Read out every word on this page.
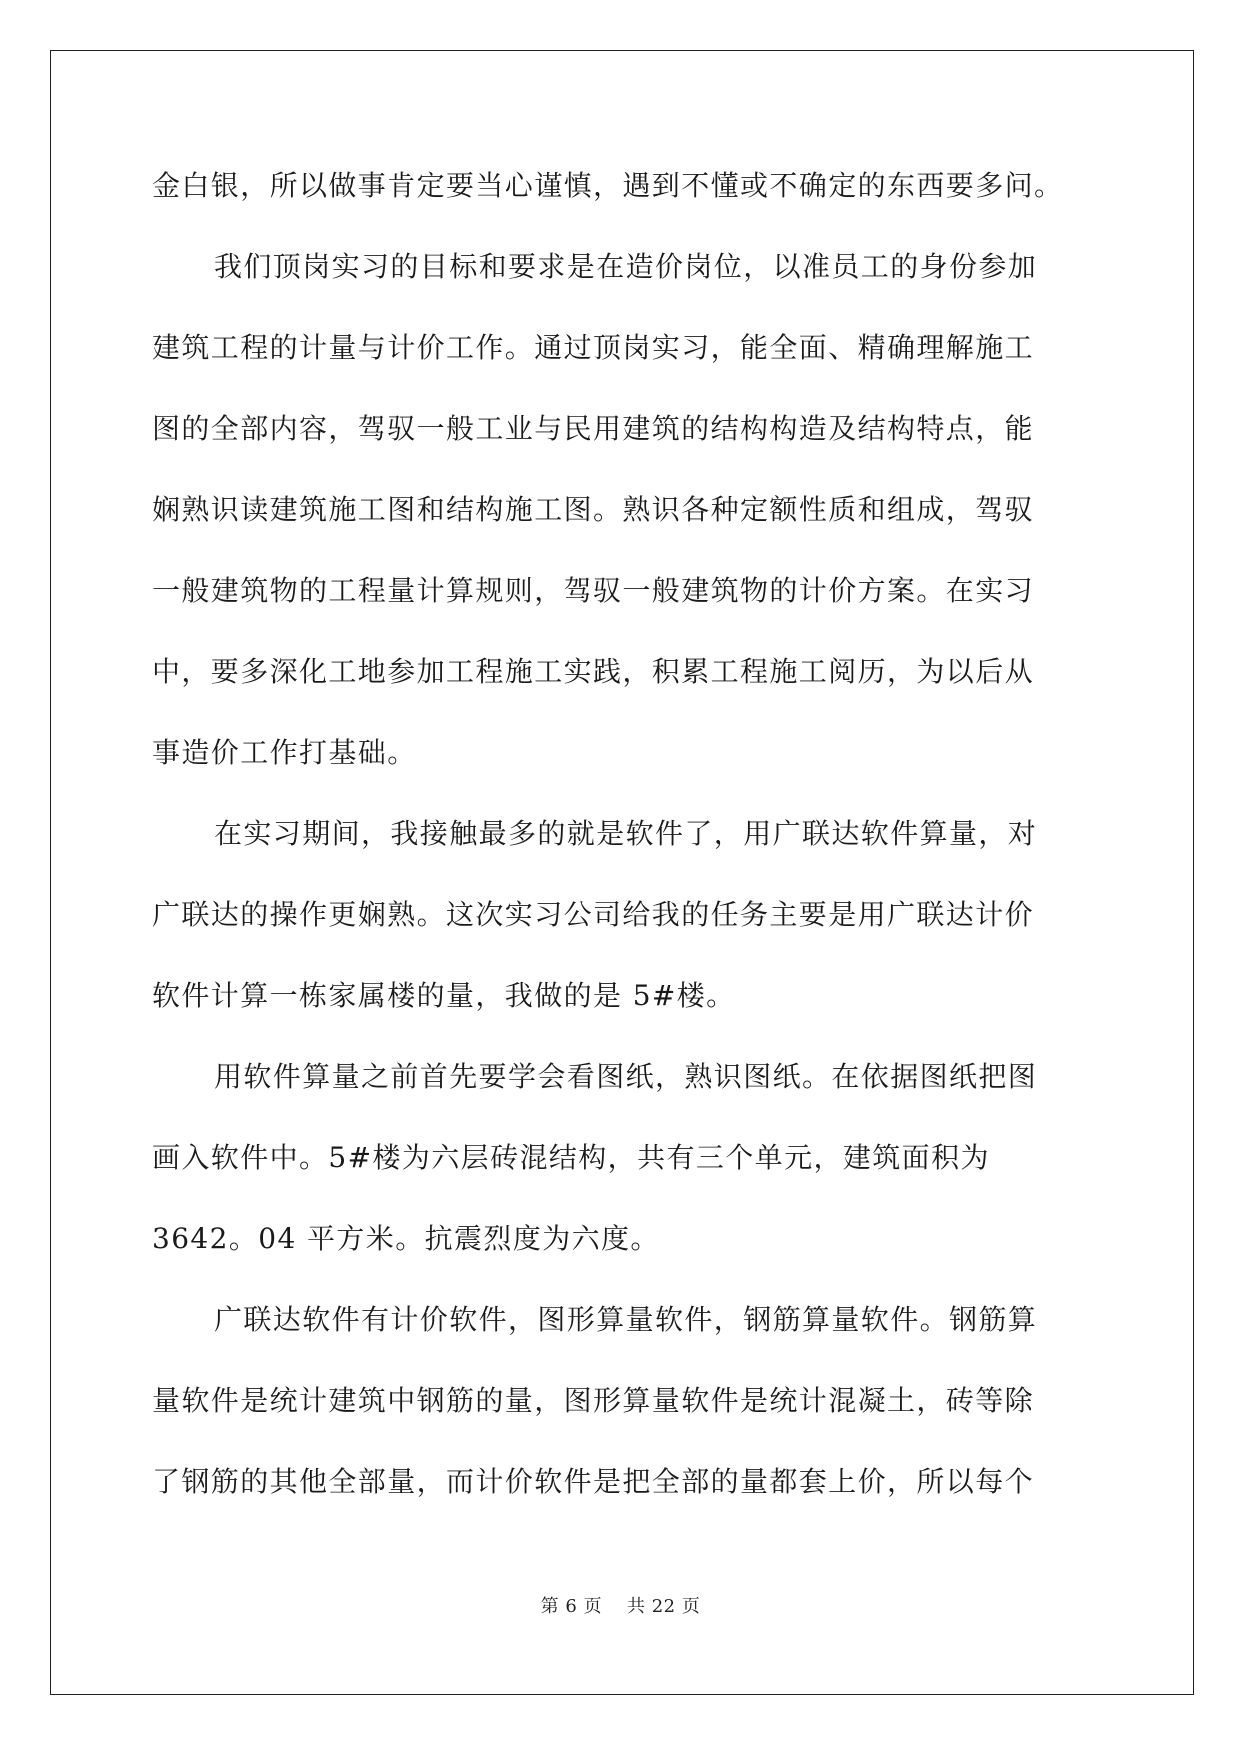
金白银，所以做事肯定要当心谨慎，遇到不懂或不确定的东西要多问。
我们顶岗实习的目标和要求是在造价岗位，以准员工的身份参加
建筑工程的计量与计价工作。通过顶岗实习，能全面、精确理解施工
图的全部内容，驾驭一般工业与民用建筑的结构构造及结构特点，能
娴熟识读建筑施工图和结构施工图。熟识各种定额性质和组成，驾驭
一般建筑物的工程量计算规则，驾驭一般建筑物的计价方案。在实习
中，要多深化工地参加工程施工实践，积累工程施工阅历，为以后从
事造价工作打基础。
在实习期间，我接触最多的就是软件了，用广联达软件算量，对
广联达的操作更娴熟。这次实习公司给我的任务主要是用广联达计价
软件计算一栋家属楼的量，我做的是 5#楼。
用软件算量之前首先要学会看图纸，熟识图纸。在依据图纸把图
画入软件中。5#楼为六层砖混结构，共有三个单元，建筑面积为
3642。04 平方米。抗震烈度为六度。
广联达软件有计价软件，图形算量软件，钢筋算量软件。钢筋算
量软件是统计建筑中钢筋的量，图形算量软件是统计混凝土，砖等除
了钢筋的其他全部量，而计价软件是把全部的量都套上价，所以每个
第 6 页 共 22 页
